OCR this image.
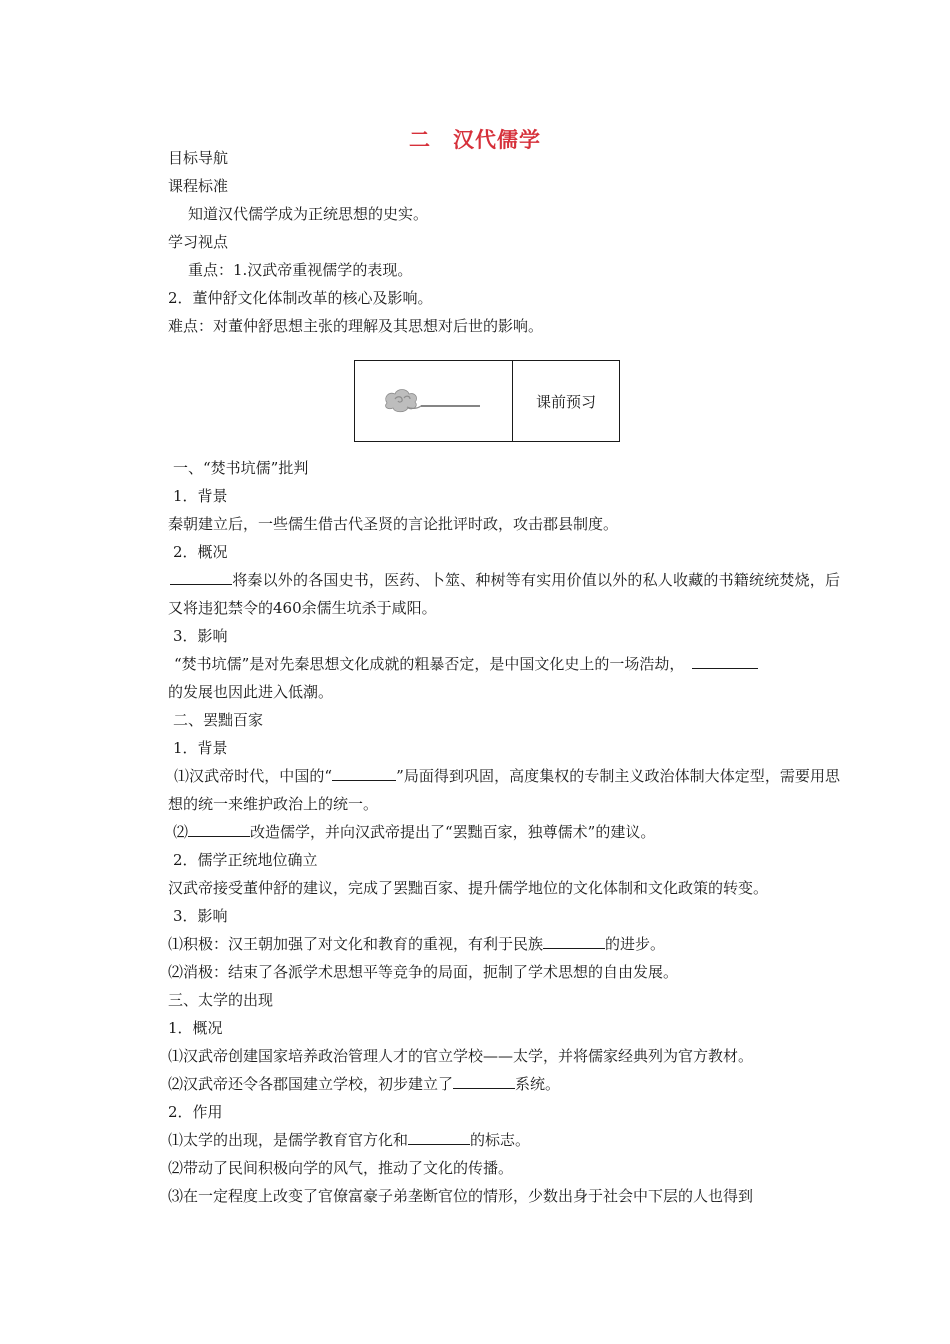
二 汉代儒学
目标导航
课程标准
知道汉代儒学成为正统思想的史实。
学习视点
重点：1.汉武帝重视儒学的表现。
2．董仲舒文化体制改革的核心及影响。
难点：对董仲舒思想主张的理解及其思想对后世的影响。
课前预习
一、“焚书坑儒”批判
1．背景
秦朝建立后，一些儒生借古代圣贤的言论批评时政，攻击郡县制度。
2．概况
将秦以外的各国史书，医药、卜筮、种树等有实用价值以外的私人收藏的书籍统统焚烧，后又将违犯禁令的460余儒生坑杀于咸阳。
3．影响
“焚书坑儒”是对先秦思想文化成就的粗暴否定，是中国文化史上的一场浩劫，
的发展也因此进入低潮。
二、罢黜百家
1．背景
⑴汉武帝时代，中国的“	”局面得到巩固，高度集权的专制主义政治体制大体定型，需要用思想的统一来维护政治上的统一。
⑵	改造儒学，并向汉武帝提出了“罢黜百家，独尊儒术”的建议。
2．儒学正统地位确立
汉武帝接受董仲舒的建议，完成了罢黜百家、提升儒学地位的文化体制和文化政策的转变。
3．影响
⑴积极：汉王朝加强了对文化和教育的重视，有利于民族	的进步。
⑵消极：结束了各派学术思想平等竞争的局面，扼制了学术思想的自由发展。
三、太学的出现
1．概况
⑴汉武帝创建国家培养政治管理人才的官立学校——太学，并将儒家经典列为官方教材。
⑵汉武帝还令各郡国建立学校，初步建立了	系统。
2．作用
⑴太学的出现，是儒学教育官方化和	的标志。
⑵带动了民间积极向学的风气，推动了文化的传播。
⑶在一定程度上改变了官僚富豪子弟垄断官位的情形，少数出身于社会中下层的人也得到
